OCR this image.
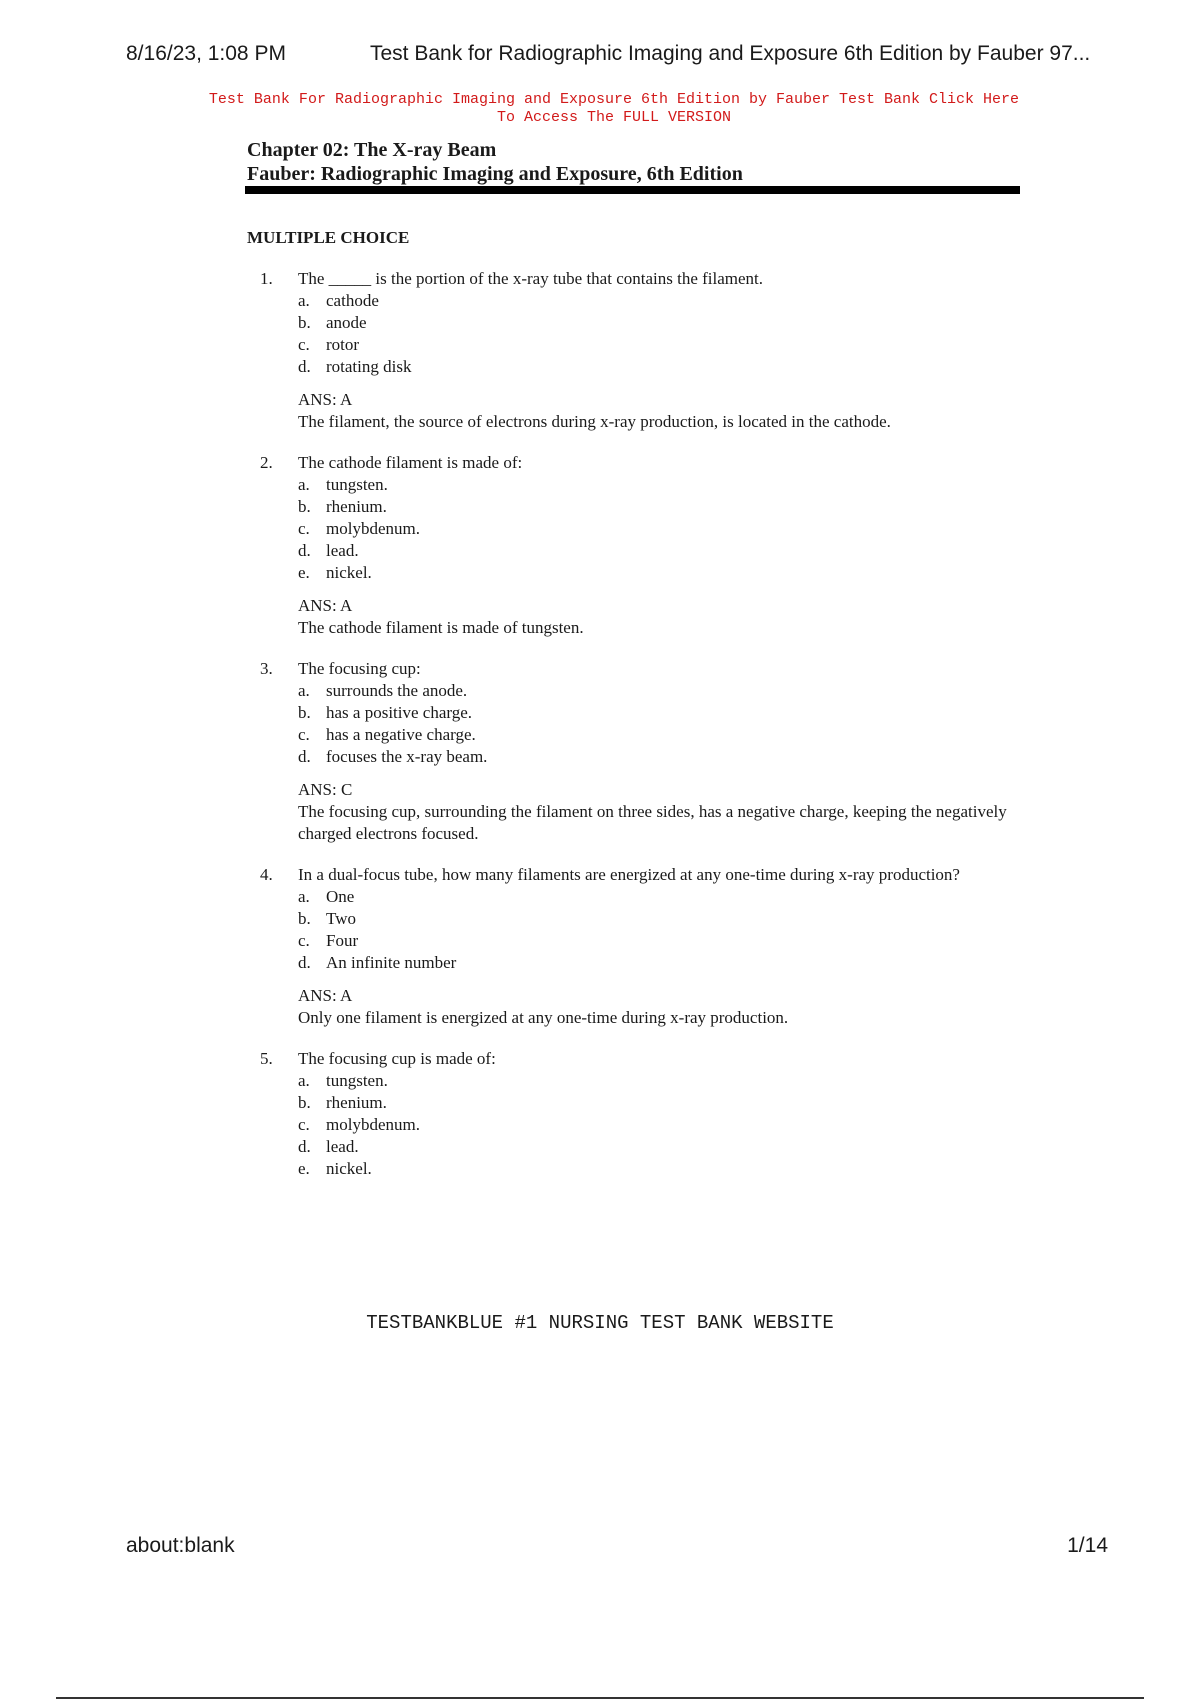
8/16/23, 1:08 PM	Test Bank for Radiographic Imaging and Exposure 6th Edition by Fauber 97...
Test Bank For Radiographic Imaging and Exposure 6th Edition by Fauber Test Bank Click Here
To Access The FULL VERSION
Chapter 02: The X-ray Beam
Fauber: Radiographic Imaging and Exposure, 6th Edition
MULTIPLE CHOICE
1.	The _____ is the portion of the x-ray tube that contains the filament.
a. cathode
b. anode
c. rotor
d. rotating disk
ANS: A
The filament, the source of electrons during x-ray production, is located in the cathode.
2.	The cathode filament is made of:
a. tungsten.
b. rhenium.
c. molybdenum.
d. lead.
e. nickel.
ANS: A
The cathode filament is made of tungsten.
3.	The focusing cup:
a. surrounds the anode.
b. has a positive charge.
c. has a negative charge.
d. focuses the x-ray beam.
ANS: C
The focusing cup, surrounding the filament on three sides, has a negative charge, keeping the negatively charged electrons focused.
4.	In a dual-focus tube, how many filaments are energized at any one-time during x-ray production?
a. One
b. Two
c. Four
d. An infinite number
ANS: A
Only one filament is energized at any one-time during x-ray production.
5.	The focusing cup is made of:
a. tungsten.
b. rhenium.
c. molybdenum.
d. lead.
e. nickel.
TESTBANKBLUE #1 NURSING TEST BANK WEBSITE
about:blank	1/14
